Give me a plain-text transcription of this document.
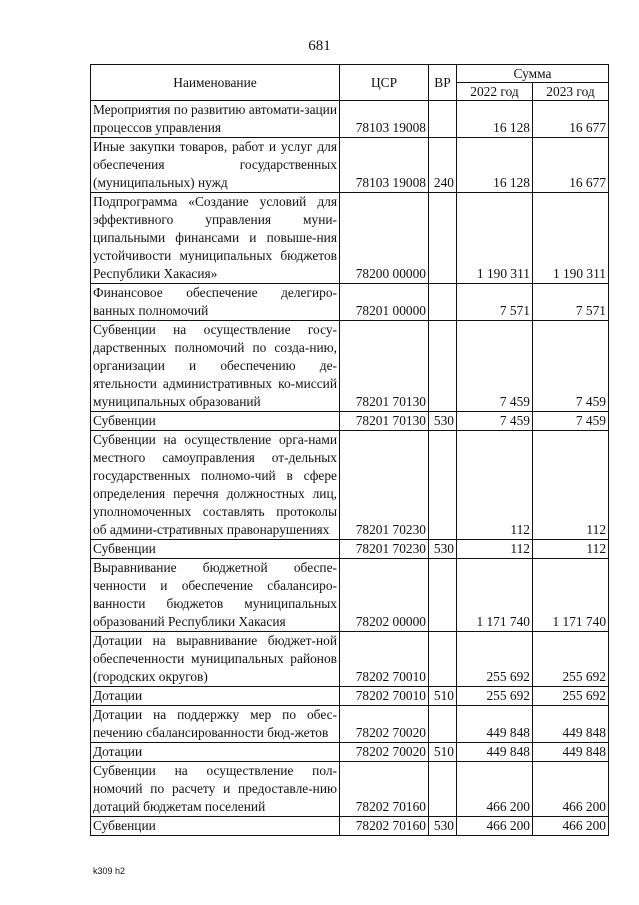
681
Наименование	ЦСР	ВР	Сумма	
			2022 год	2023 год
Мероприятия по развитию автомати-зации процессов управления	78103 19008		16 128	16 677
Иные закупки товаров, работ и услуг для обеспечения государственных (муниципальных) нужд	78103 19008	240	16 128	16 677
Подпрограмма «Создание условий для эффективного управления муни-ципальными финансами и повыше-ния устойчивости муниципальных бюджетов Республики Хакасия»	78200 00000		1 190 311	1 190 311
Финансовое обеспечение делегиро-ванных полномочий	78201 00000		7 571	7 571
Субвенции на осуществление госу-дарственных полномочий по созда-нию, организации и обеспечению де-ятельности административных ко-миссий муниципальных образований	78201 70130		7 459	7 459
Субвенции	78201 70130	530	7 459	7 459
Субвенции на осуществление орга-нами местного самоуправления от-дельных государственных полномо-чий в сфере определения перечня должностных лиц, уполномоченных составлять протоколы об админи-стративных правонарушениях	78201 70230		112	112
Субвенции	78201 70230	530	112	112
Выравнивание бюджетной обеспе-ченности и обеспечение сбалансиро-ванности бюджетов муниципальных образований Республики Хакасия	78202 00000		1 171 740	1 171 740
Дотации на выравнивание бюджет-ной обеспеченности муниципальных районов (городских округов)	78202 70010		255 692	255 692
Дотации	78202 70010	510	255 692	255 692
Дотации на поддержку мер по обес-печению сбалансированности бюд-жетов	78202 70020		449 848	449 848
Дотации	78202 70020	510	449 848	449 848
Субвенции на осуществление пол-номочий по расчету и предоставле-нию дотаций бюджетам поселений	78202 70160		466 200	466 200
Субвенции	78202 70160	530	466 200	466 200
k309 h2
